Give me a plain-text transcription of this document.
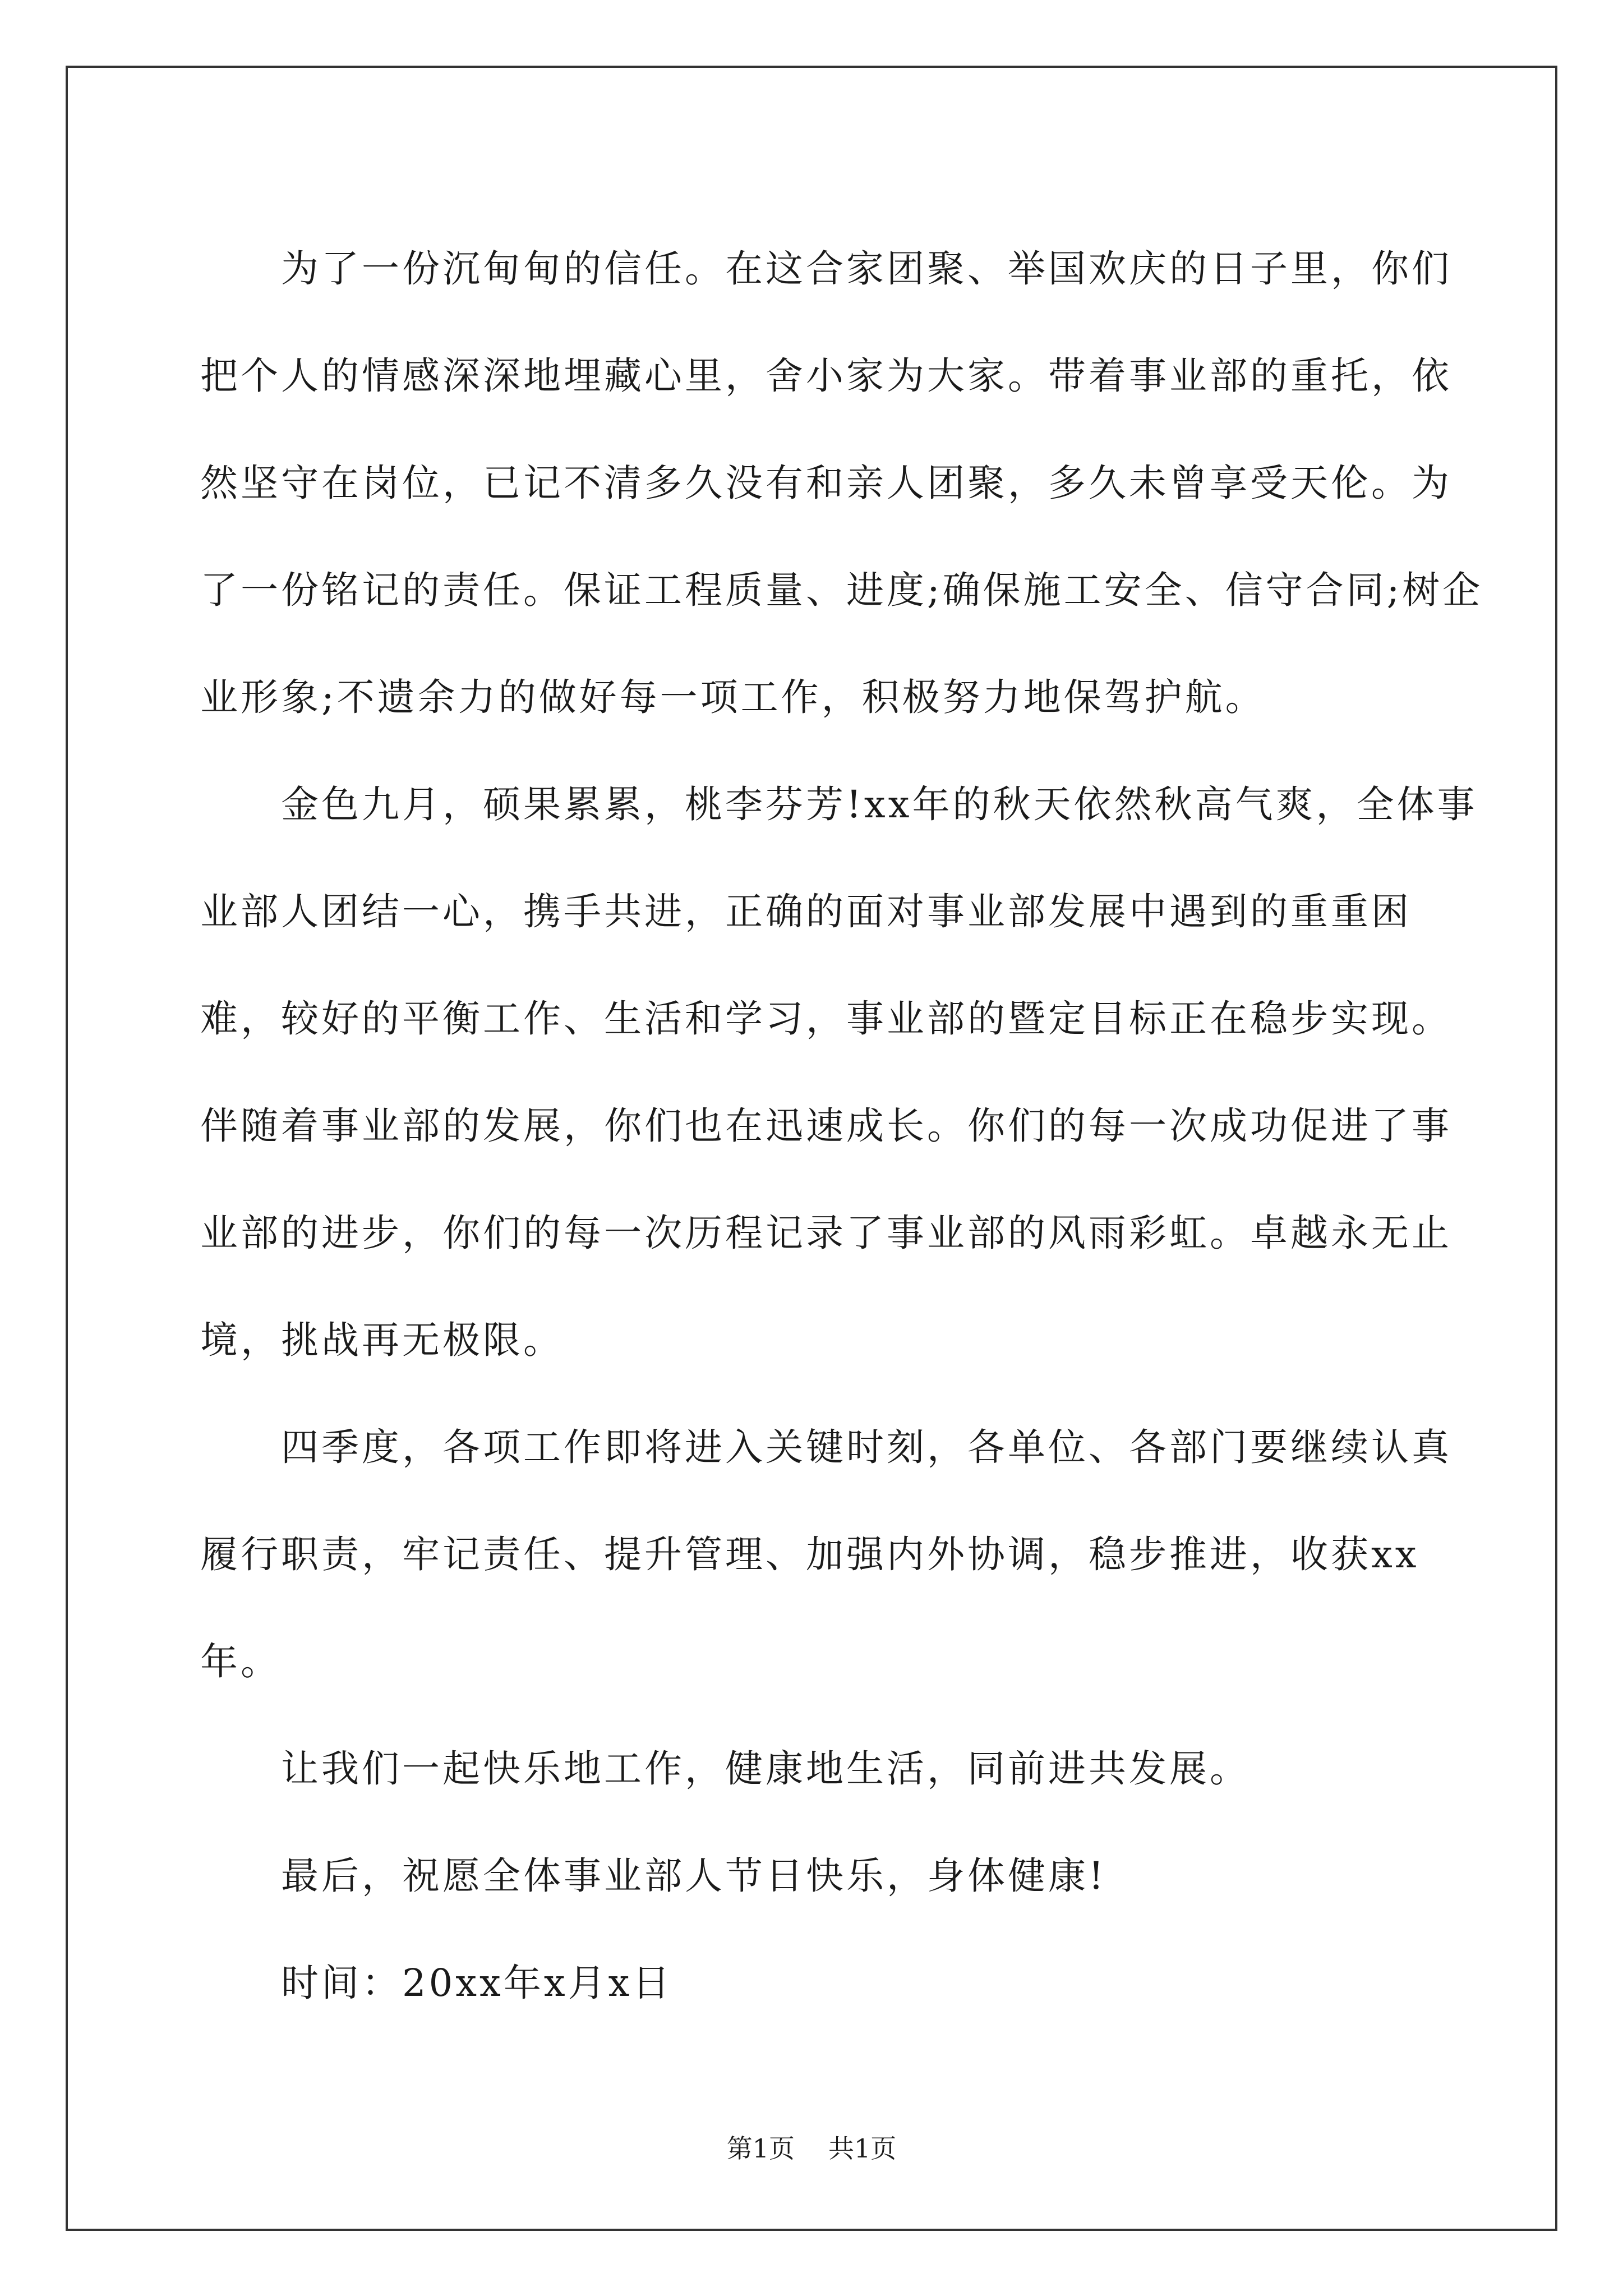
为了一份沉甸甸的信任。在这合家团聚、举国欢庆的日子里，你们把个人的情感深深地埋藏心里，舍小家为大家。带着事业部的重托，依然坚守在岗位，已记不清多久没有和亲人团聚，多久未曾享受天伦。为了一份铭记的责任。保证工程质量、进度;确保施工安全、信守合同;树企业形象;不遗余力的做好每一项工作，积极努力地保驾护航。

金色九月，硕果累累，桃李芬芳!xx年的秋天依然秋高气爽，全体事业部人团结一心，携手共进，正确的面对事业部发展中遇到的重重困难，较好的平衡工作、生活和学习，事业部的暨定目标正在稳步实现。伴随着事业部的发展，你们也在迅速成长。你们的每一次成功促进了事业部的进步，你们的每一次历程记录了事业部的风雨彩虹。卓越永无止境，挑战再无极限。

四季度，各项工作即将进入关键时刻，各单位、各部门要继续认真履行职责，牢记责任、提升管理、加强内外协调，稳步推进，收获xx年。

让我们一起快乐地工作，健康地生活，同前进共发展。

最后，祝愿全体事业部人节日快乐，身体健康!

时间：20xx年x月x日

第1页 共1页
